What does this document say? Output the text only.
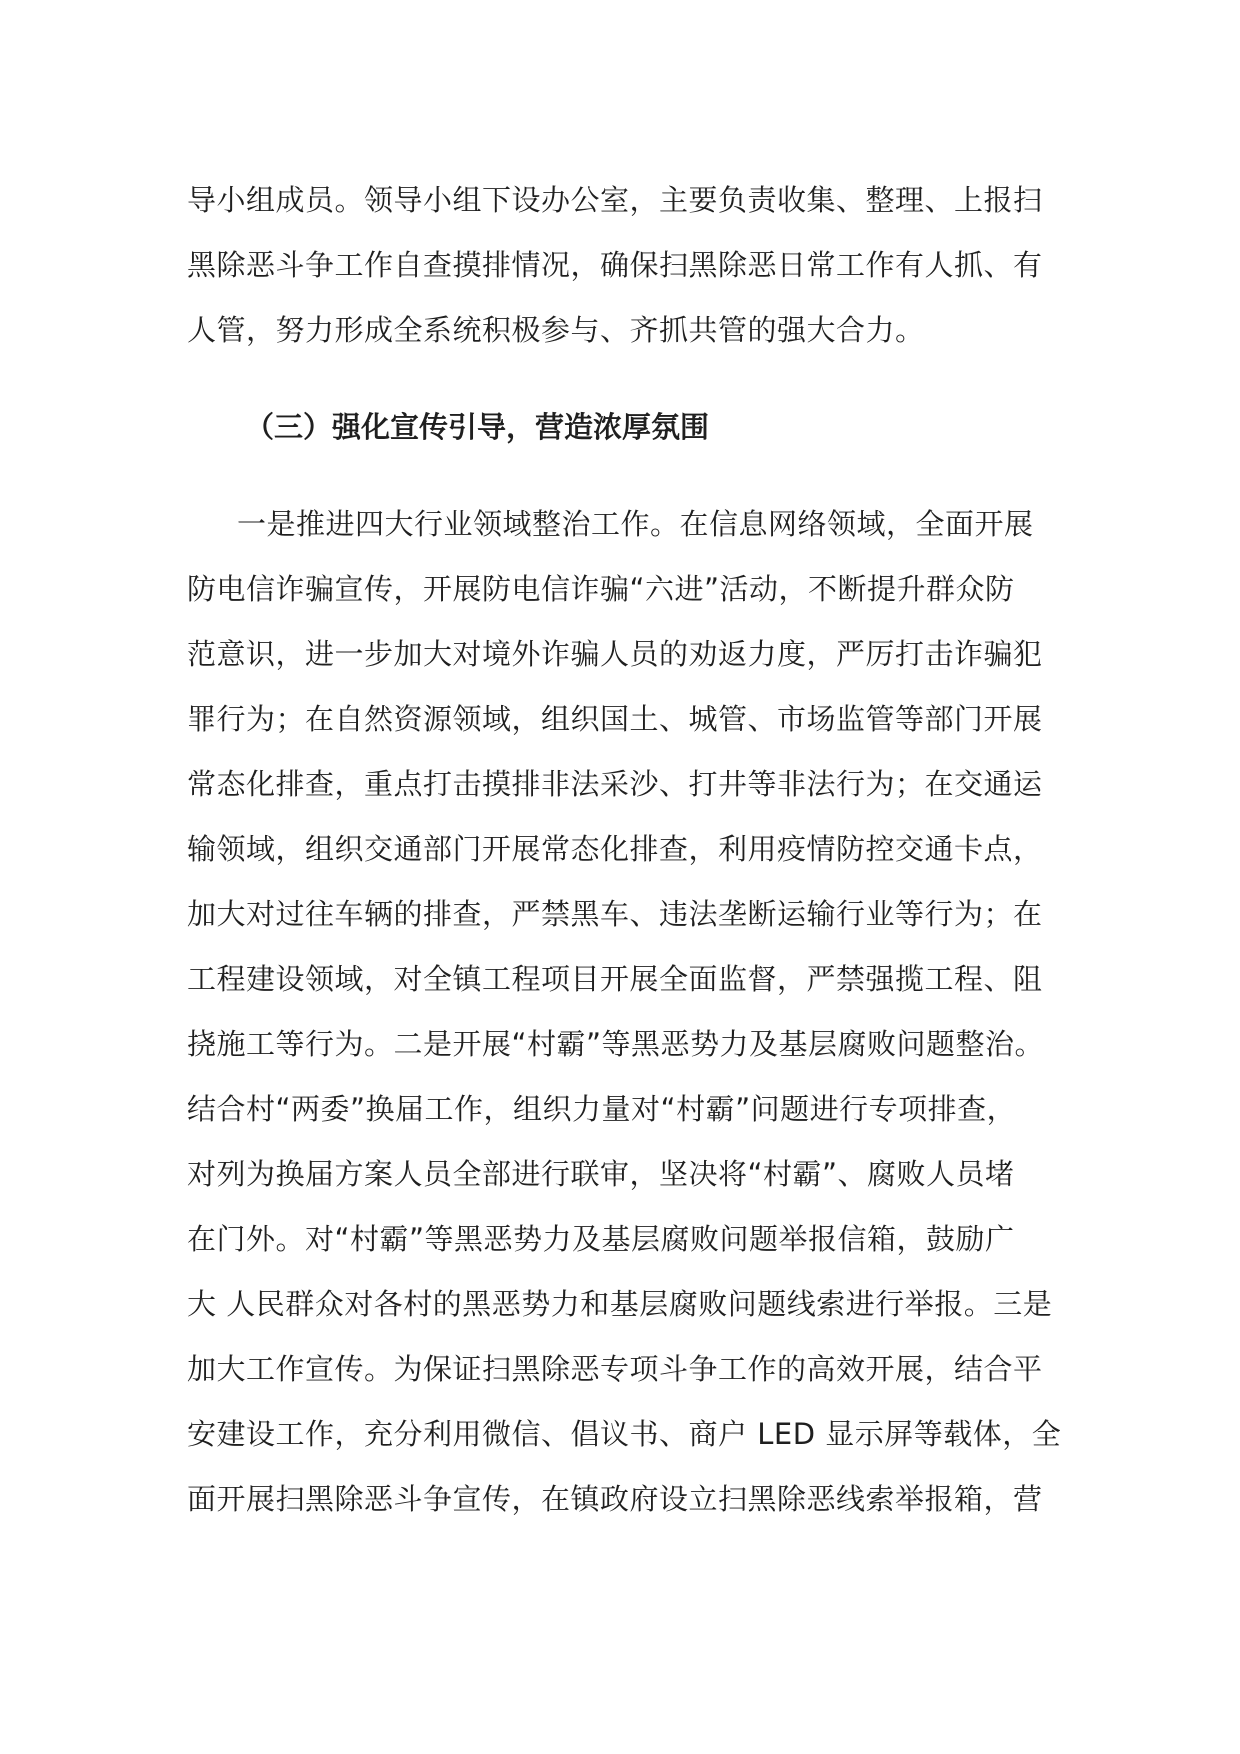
导小组成员。领导小组下设办公室，主要负责收集、整理、上报扫
黑除恶斗争工作自查摸排情况，确保扫黑除恶日常工作有人抓、有
人管，努力形成全系统积极参与、齐抓共管的强大合力。
（三）强化宣传引导，营造浓厚氛围
一是推进四大行业领域整治工作。在信息网络领域，全面开展
防电信诈骗宣传，开展防电信诈骗“六进”活动，不断提升群众防
范意识，进一步加大对境外诈骗人员的劝返力度，严厉打击诈骗犯
罪行为；在自然资源领域，组织国土、城管、市场监管等部门开展
常态化排查，重点打击摸排非法采沙、打井等非法行为；在交通运
输领域，组织交通部门开展常态化排查，利用疫情防控交通卡点，
加大对过往车辆的排查，严禁黑车、违法垄断运输行业等行为；在
工程建设领域，对全镇工程项目开展全面监督，严禁强揽工程、阻
挠施工等行为。二是开展“村霸”等黑恶势力及基层腐败问题整治。
结合村“两委”换届工作，组织力量对“村霸”问题进行专项排查，
对列为换届方案人员全部进行联审，坚决将“村霸”、腐败人员堵
在门外。对“村霸”等黑恶势力及基层腐败问题举报信箱，鼓励广
大 人民群众对各村的黑恶势力和基层腐败问题线索进行举报。三是
加大工作宣传。为保证扫黑除恶专项斗争工作的高效开展，结合平
安建设工作，充分利用微信、倡议书、商户 LED 显示屏等载体，全
面开展扫黑除恶斗争宣传，在镇政府设立扫黑除恶线索举报箱，营
